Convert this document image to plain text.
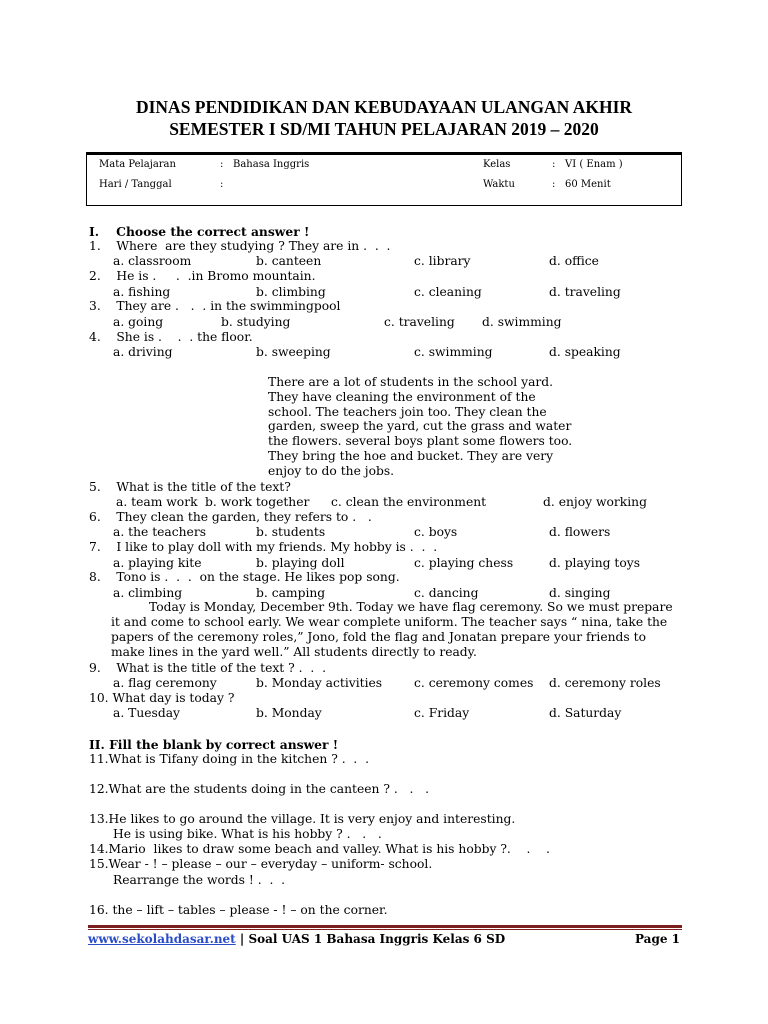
DINAS PENDIDIKAN DAN KEBUDAYAAN ULANGAN AKHIR
SEMESTER I SD/MI TAHUN PELAJARAN 2019 – 2020
Mata Pelajaran	: Bahasa Inggris
Hari / Tanggal	:
Kelas	: VI ( Enam )
Waktu	: 60 Menit
I.    Choose the correct answer !
1.    Where  are they studying ? They are in .  .  .
a. classroom	b. canteen	c. library	d. office
2.    He is .     .  .in Bromo mountain.
a. fishing	b. climbing	c. cleaning	d. traveling
3.    They are .   .  . in the swimmingpool
a. going	b. studying	c. traveling d. swimming
4.    She is .    .  . the floor.
a. driving	b. sweeping	c. swimming	d. speaking
There are a lot of students in the school yard. They have cleaning the environment of the school. The teachers join too. They clean the garden, sweep the yard, cut the grass and water the flowers. several boys plant some flowers too. They bring the hoe and bucket. They are very enjoy to do the jobs.
5.    What is the title of the text?
a. team work b. work together c. clean the environment	d. enjoy working
6.    They clean the garden, they refers to .   .
a. the teachers	b. students	c. boys	d. flowers
7.    I like to play doll with my friends. My hobby is .  .  .
a. playing kite	b. playing doll	c. playing chess	d. playing toys
8.    Tono is .  .  .  on the stage. He likes pop song.
a. climbing	b. camping	c. dancing	d. singing
Today is Monday, December 9th. Today we have flag ceremony. So we must prepare it and come to school early. We wear complete uniform. The teacher says “ nina, take the papers of the ceremony roles,” Jono, fold the flag and Jonatan prepare your friends to  make lines in the yard well.” All students directly to ready.
9.    What is the title of the text ? .  .  .
a. flag ceremony	b. Monday activities	c. ceremony comes d. ceremony roles
10. What day is today ?
a. Tuesday	b. Monday	c. Friday	d. Saturday
II. Fill the blank by correct answer !
11.What is Tifany doing in the kitchen ? .  .  .
12.What are the students doing in the canteen ? .   .   .
13.He likes to go around the village. It is very enjoy and interesting.
He is using bike. What is his hobby ? .   .   .
14.Mario  likes to draw some beach and valley. What is his hobby ?.    .    .
15.Wear - ! – please – our – everyday – uniform- school.
Rearrange the words ! .  .  .
16. the – lift – tables – please - ! – on the corner.
www.sekolahdasar.net | Soal UAS 1 Bahasa Inggris Kelas 6 SD	Page 1
